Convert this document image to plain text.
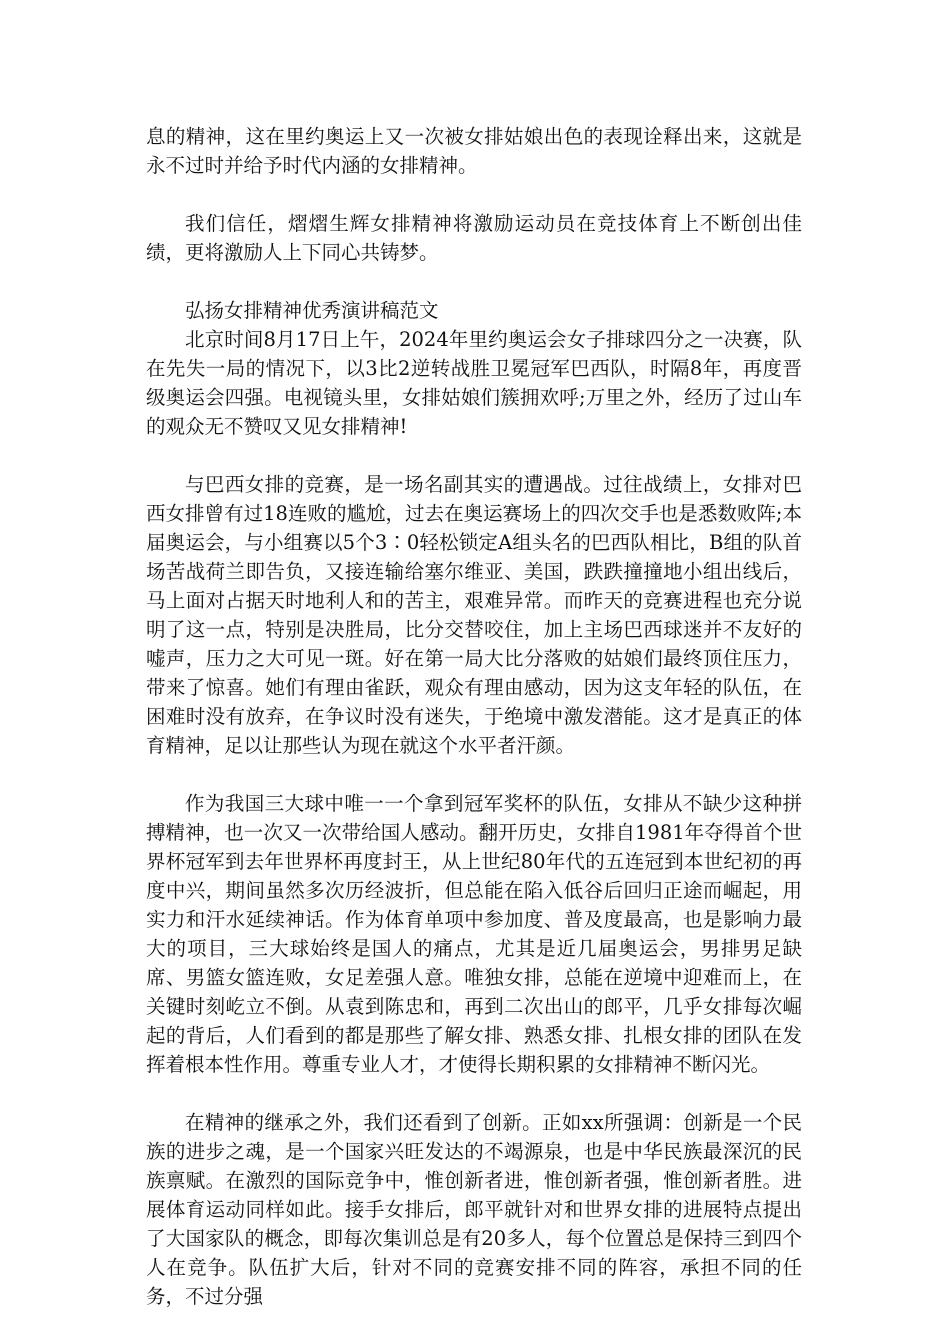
息的精神，这在里约奥运上又一次被女排姑娘出色的表现诠释出来，这就是永不过时并给予时代内涵的女排精神。

我们信任，熠熠生辉女排精神将激励运动员在竞技体育上不断创出佳绩，更将激励人上下同心共铸梦。

弘扬女排精神优秀演讲稿范文

北京时间8月17日上午，2024年里约奥运会女子排球四分之一决赛，队在先失一局的情况下，以3比2逆转战胜卫冕冠军巴西队，时隔8年，再度晋级奥运会四强。电视镜头里，女排姑娘们簇拥欢呼;万里之外，经历了过山车的观众无不赞叹又见女排精神!

与巴西女排的竞赛，是一场名副其实的遭遇战。过往战绩上，女排对巴西女排曾有过18连败的尴尬，过去在奥运赛场上的四次交手也是悉数败阵;本届奥运会，与小组赛以5个3∶0轻松锁定A组头名的巴西队相比，B组的队首场苦战荷兰即告负，又接连输给塞尔维亚、美国，跌跌撞撞地小组出线后，马上面对占据天时地利人和的苦主，艰难异常。而昨天的竞赛进程也充分说明了这一点，特别是决胜局，比分交替咬住，加上主场巴西球迷并不友好的嘘声，压力之大可见一斑。好在第一局大比分落败的姑娘们最终顶住压力，带来了惊喜。她们有理由雀跃，观众有理由感动，因为这支年轻的队伍，在困难时没有放弃，在争议时没有迷失，于绝境中激发潜能。这才是真正的体育精神，足以让那些认为现在就这个水平者汗颜。

作为我国三大球中唯一一个拿到冠军奖杯的队伍，女排从不缺少这种拼搏精神，也一次又一次带给国人感动。翻开历史，女排自1981年夺得首个世界杯冠军到去年世界杯再度封王，从上世纪80年代的五连冠到本世纪初的再度中兴，期间虽然多次历经波折，但总能在陷入低谷后回归正途而崛起，用实力和汗水延续神话。作为体育单项中参加度、普及度最高，也是影响力最大的项目，三大球始终是国人的痛点，尤其是近几届奥运会，男排男足缺席、男篮女篮连败，女足差强人意。唯独女排，总能在逆境中迎难而上，在关键时刻屹立不倒。从袁到陈忠和，再到二次出山的郎平，几乎女排每次崛起的背后，人们看到的都是那些了解女排、熟悉女排、扎根女排的团队在发挥着根本性作用。尊重专业人才，才使得长期积累的女排精神不断闪光。

在精神的继承之外，我们还看到了创新。正如xx所强调：创新是一个民族的进步之魂，是一个国家兴旺发达的不竭源泉，也是中华民族最深沉的民族禀赋。在激烈的国际竞争中，惟创新者进，惟创新者强，惟创新者胜。进展体育运动同样如此。接手女排后，郎平就针对和世界女排的进展特点提出了大国家队的概念，即每次集训总是有20多人，每个位置总是保持三到四个人在竞争。队伍扩大后，针对不同的竞赛安排不同的阵容，承担不同的任务，不过分强
